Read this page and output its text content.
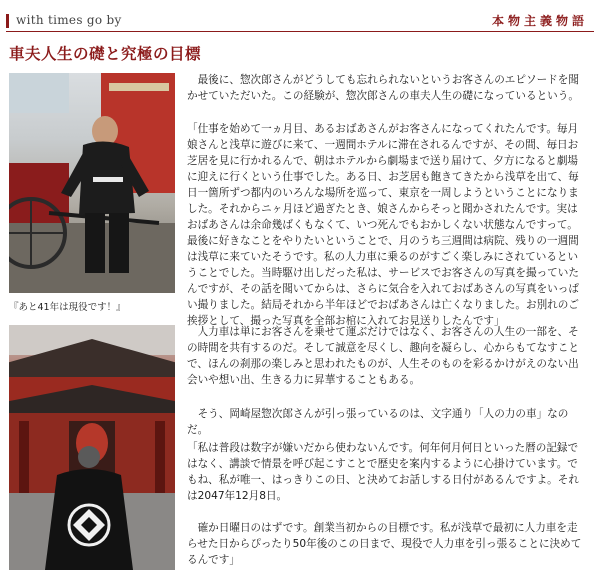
with times go by	本物主義物語
車夫人生の礎と究極の目標
『あと41年は現役です！』

　最後に、惣次郎さんがどうしても忘れられないというお客さんのエピソードを聞かせていただいた。この経験が、惣次郎さんの車夫人生の礎になっているという。

「仕事を始めて一ヵ月目、あるおばあさんがお客さんになってくれたんです。毎月娘さんと浅草に遊びに来て、一週間ホテルに滞在されるんですが、その間、毎日お芝居を見に行かれるんで、朝はホテルから劇場まで送り届けて、夕方になると劇場に迎えに行くという仕事でした。ある日、お芝居も飽きてきたから浅草を出て、毎日一箇所ずつ都内のいろんな場所を巡って、東京を一周しようということになりました。それからニヶ月ほど過ぎたとき、娘さんからそっと聞かされたんです。実はおばあさんは余命幾ばくもなくて、いつ死んでもおかしくない状態なんですって。最後に好きなことをやりたいということで、月のうち三週間は病院、残りの一週間は浅草に来ていたそうです。私の人力車に乗るのがすごく楽しみにされているということでした。当時駆け出しだった私は、サービスでお客さんの写真を撮っていたんですが、その話を聞いてからは、さらに気合を入れておばあさんの写真をいっぱい撮りました。結局それから半年ほどでおばあさんは亡くなりました。お別れのご挨拶として、撮った写真を全部お棺に入れてお見送りしたんです」

　人力車は単にお客さんを乗せて運ぶだけではなく、お客さんの人生の一部を、その時間を共有するのだ。そして誠意を尽くし、趣向を凝らし、心からもてなすことで、ほんの刹那の楽しみと思われたものが、人生そのものを彩るかけがえのない出会いや想い出、生きる力に昇華することもある。

　そう、岡崎屋惣次郎さんが引っ張っているのは、文字通り「人の力の車」なのだ。

「私は普段は数字が嫌いだから使わないんです。何年何月何日といった暦の記録ではなく、講談で情景を呼び起こすことで歴史を案内するように心掛けています。でもね、私が唯一、はっきりこの日、と決めてお話しする日付があるんですよ。それは2047年12月8日。

　確か日曜日のはずです。創業当初からの目標です。私が浅草で最初に人力車を走らせた日からぴったり50年後のこの日まで、現役で人力車を引っ張ることに決めてるんです」
